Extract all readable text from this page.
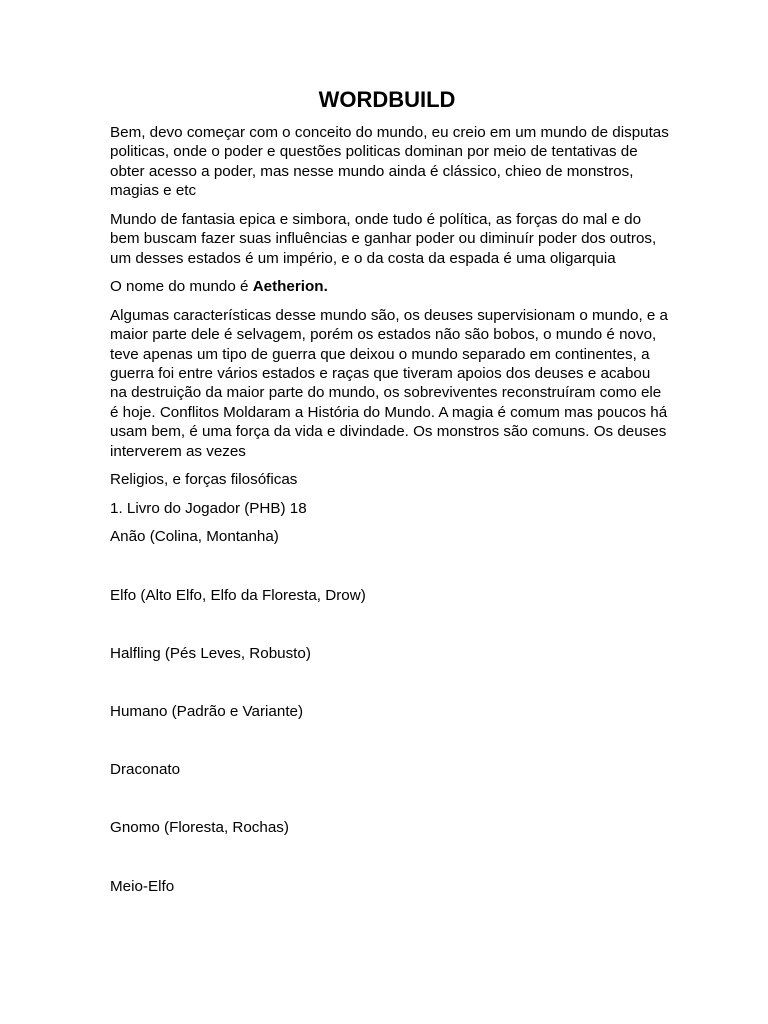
WORDBUILD

Bem, devo começar com o conceito do mundo, eu creio em um mundo de disputas politicas, onde o poder e questões politicas dominan por meio de tentativas de obter acesso a poder, mas nesse mundo ainda é clássico, chieo de monstros, magias e etc

Mundo de fantasia epica e simbora, onde tudo é política, as forças do mal e do bem buscam fazer suas influências e ganhar poder ou diminuír poder dos outros, um desses estados é um império, e o da costa da espada é uma oligarquia

O nome do mundo é Aetherion.

Algumas características desse mundo são, os deuses supervisionam o mundo, e a maior parte dele é selvagem, porém os estados não são bobos, o mundo é novo, teve apenas um tipo de guerra que deixou o mundo separado em continentes, a guerra foi entre vários estados e raças que tiveram apoios dos deuses e acabou na destruição da maior parte do mundo, os sobreviventes reconstruíram como ele é hoje. Conflitos Moldaram a História do Mundo. A magia é comum mas poucos há usam bem, é uma força da vida e divindade. Os monstros são comuns. Os deuses interverem as vezes

Religios, e forças filosóficas

1. Livro do Jogador (PHB) 18

Anão (Colina, Montanha)

Elfo (Alto Elfo, Elfo da Floresta, Drow)

Halfling (Pés Leves, Robusto)

Humano (Padrão e Variante)

Draconato

Gnomo (Floresta, Rochas)

Meio-Elfo
